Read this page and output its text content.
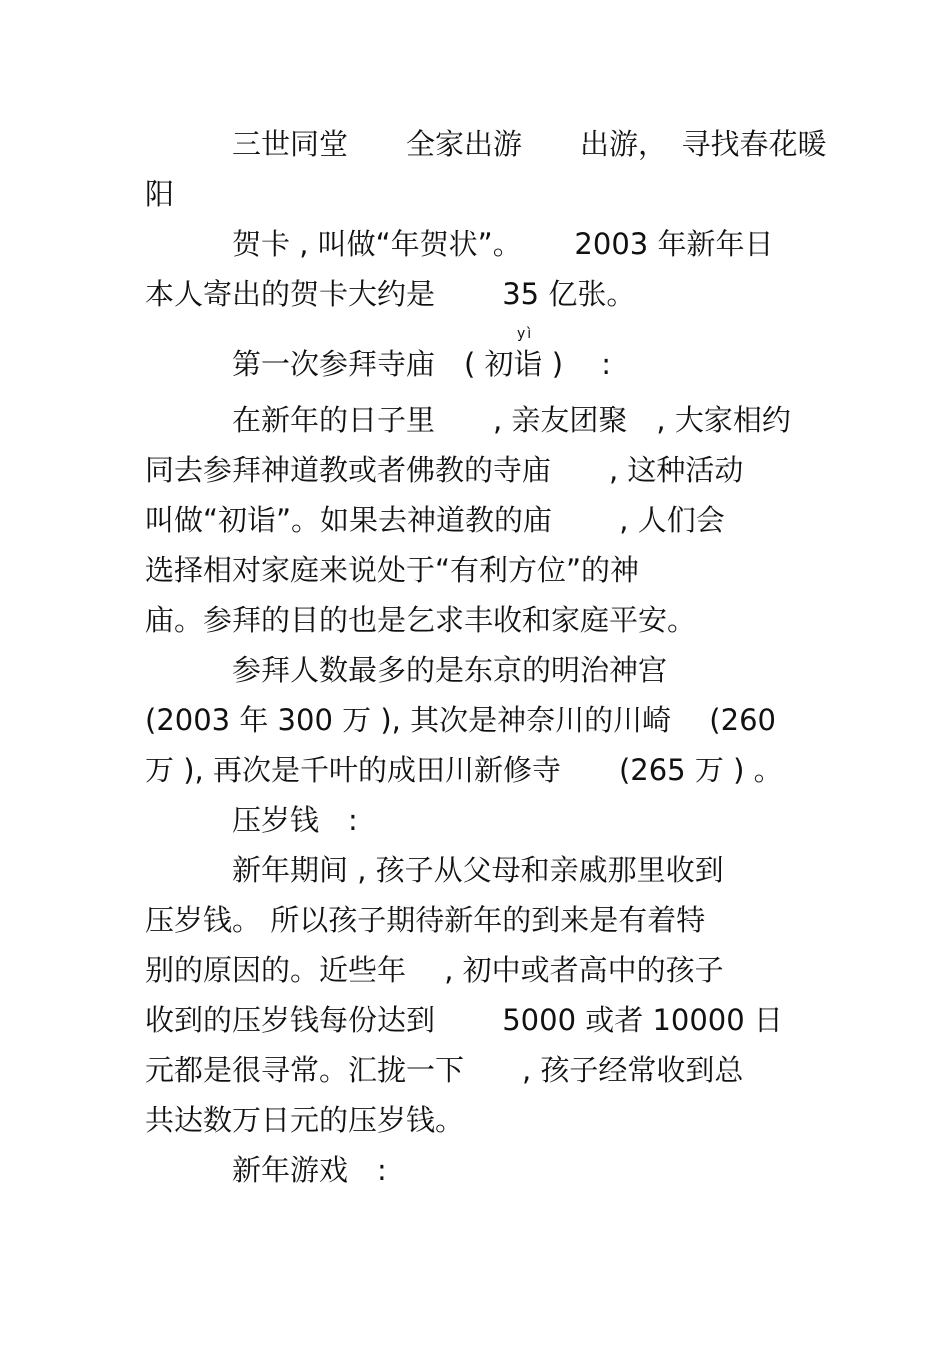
yì
　　　三世同堂　　全家出游　　出游，　寻找春花暖
阳
　　　贺卡 , 叫做“年贺状”。　　 2003 年新年日
本人寄出的贺卡大约是　　 35 亿张。
　　　第一次参拜寺庙　( 初诣 ) 　:
　　　在新年的日子里　　, 亲友团聚　, 大家相约
同去参拜神道教或者佛教的寺庙　　, 这种活动
叫做“初诣”。如果去神道教的庙　　 , 人们会
选择相对家庭来说处于“有利方位”的神
庙。参拜的目的也是乞求丰收和家庭平安。
　　　参拜人数最多的是东京的明治神宫
(2003 年 300 万 ), 其次是神奈川的川崎　 (260
万 ), 再次是千叶的成田川新修寺　　(265 万 ) 。
　　　压岁钱　:
　　　新年期间 , 孩子从父母和亲戚那里收到
压岁钱。 所以孩子期待新年的到来是有着特
别的原因的。近些年　 , 初中或者高中的孩子
收到的压岁钱每份达到　　 5000 或者 10000 日
元都是很寻常。汇拢一下　　, 孩子经常收到总
共达数万日元的压岁钱。
　　　新年游戏　:
